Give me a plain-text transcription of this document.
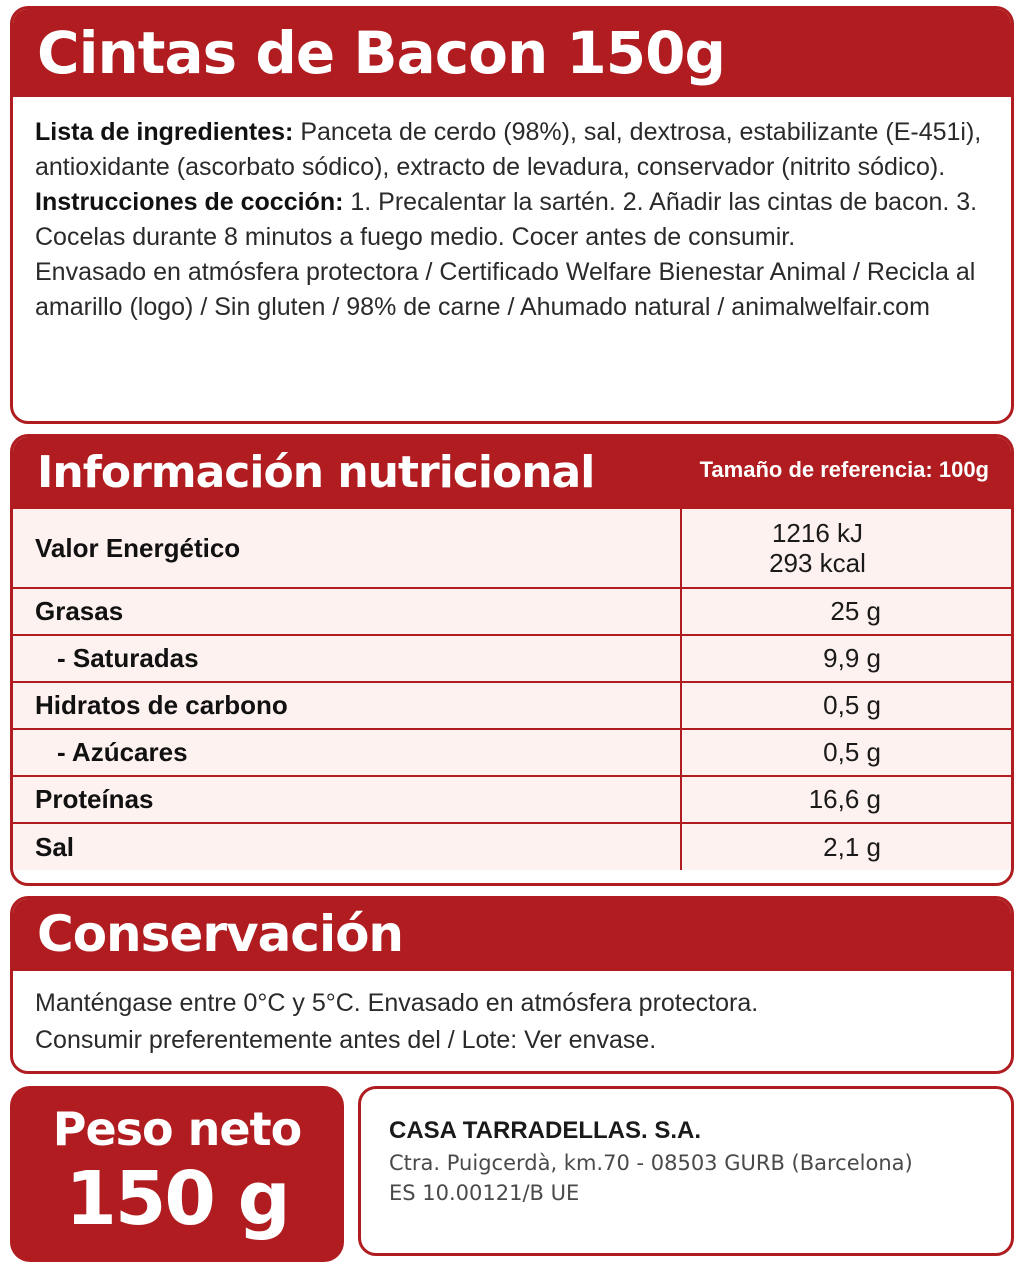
Cintas de Bacon 150g

Lista de ingredientes: Panceta de cerdo (98%), sal, dextrosa, estabilizante (E-451i), antioxidante (ascorbato sódico), extracto de levadura, conservador (nitrito sódico).

Instrucciones de cocción: 1. Precalentar la sartén. 2. Añadir las cintas de bacon. 3. Cocelas durante 8 minutos a fuego medio. Cocer antes de consumir.

Envasado en atmósfera protectora / Certificado Welfare Bienestar Animal / Recicla al amarillo (logo) / Sin gluten / 98% de carne / Ahumado natural / animalwelfair.com

Información nutricional	Tamaño de referencia: 100g
Valor Energético	1216 kJ
293 kcal

Grasas	25 g
- Saturadas	9,9 g
Hidratos de carbono	0,5 g
- Azúcares	0,5 g
Proteínas	16,6 g
Sal	2,1 g
Conservación

Manténgase entre 0°C y 5°C. Envasado en atmósfera protectora.

Consumir preferentemente antes del / Lote: Ver envase.

Peso neto
150 g
CASA TARRADELLAS. S.A.
Ctra. Puigcerdà, km.70 - 08503 GURB (Barcelona)
ES 10.00121/B UE
